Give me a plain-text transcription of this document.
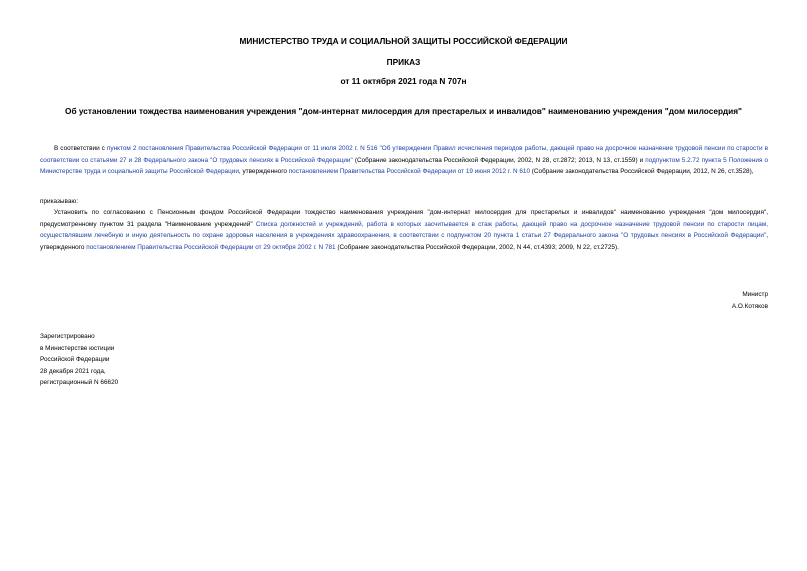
МИНИСТЕРСТВО ТРУДА И СОЦИАЛЬНОЙ ЗАЩИТЫ РОССИЙСКОЙ ФЕДЕРАЦИИ
ПРИКАЗ
от 11 октября 2021 года N 707н
Об установлении тождества наименования учреждения "дом-интернат милосердия для престарелых и инвалидов" наименованию учреждения "дом милосердия"
В соответствии с пунктом 2 постановления Правительства Российской Федерации от 11 июля 2002 г. N 516 "Об утверждении Правил исчисления периодов работы, дающей право на досрочное назначение трудовой пенсии по старости в соответствии со статьями 27 и 28 Федерального закона "О трудовых пенсиях в Российской Федерации" (Собрание законодательства Российской Федерации, 2002, N 28, ст.2872; 2013, N 13, ст.1559) и подпунктом 5.2.72 пункта 5 Положения о Министерстве труда и социальной защиты Российской Федерации, утвержденного постановлением Правительства Российской Федерации от 19 июня 2012 г. N 610 (Собрание законодательства Российской Федерации, 2012, N 26, ст.3528),
приказываю:
Установить по согласованию с Пенсионным фондом Российской Федерации тождество наименования учреждения "дом-интернат милосердия для престарелых и инвалидов" наименованию учреждения "дом милосердия", предусмотренному пунктом 31 раздела "Наименование учреждений" Списка должностей и учреждений, работа в которых засчитывается в стаж работы, дающей право на досрочное назначение трудовой пенсии по старости лицам, осуществлявшим лечебную и иную деятельность по охране здоровья населения в учреждениях здравоохранения, в соответствии с подпунктом 20 пункта 1 статьи 27 Федерального закона "О трудовых пенсиях в Российской Федерации", утвержденного постановлением Правительства Российской Федерации от 29 октября 2002 г. N 781 (Собрание законодательства Российской Федерации, 2002, N 44, ст.4393; 2009, N 22, ст.2725).
Министр
А.О.Котяков
Зарегистрировано
в Министерстве юстиции
Российской Федерации
28 декабря 2021 года,
регистрационный N 66620
